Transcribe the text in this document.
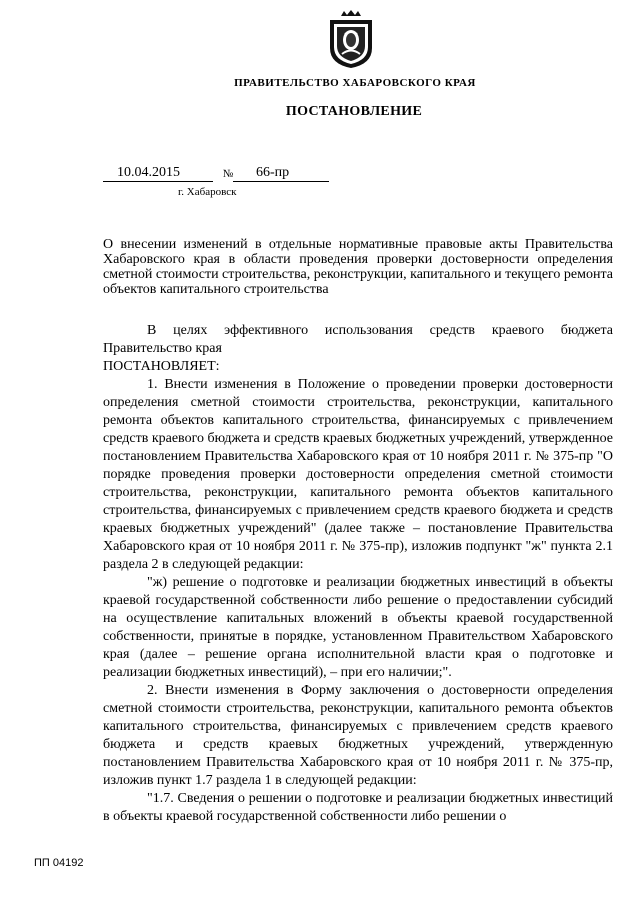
ПРАВИТЕЛЬСТВО ХАБАРОВСКОГО КРАЯ
ПОСТАНОВЛЕНИЕ
10.04.2015	№	66-пр
г. Хабаровск
О внесении изменений в отдельные нормативные правовые акты Правительства Хабаровского края в области проведения проверки достоверности определения сметной стоимости строительства, реконструкции, капитального и текущего ремонта объектов капитального строительства

В целях эффективного использования средств краевого бюджета Правительство края

ПОСТАНОВЛЯЕТ:

1. Внести изменения в Положение о проведении проверки достоверности определения сметной стоимости строительства, реконструкции, капитального ремонта объектов капитального строительства, финансируемых с привлечением средств краевого бюджета и средств краевых бюджетных учреждений, утвержденное постановлением Правительства Хабаровского края от 10 ноября 2011 г. № 375-пр "О порядке проведения проверки достоверности определения сметной стоимости строительства, реконструкции, капитального ремонта объектов капитального строительства, финансируемых с привлечением средств краевого бюджета и средств краевых бюджетных учреждений" (далее также – постановление Правительства Хабаровского края от 10 ноября 2011 г. № 375-пр), изложив подпункт "ж" пункта 2.1 раздела 2 в следующей редакции:

"ж) решение о подготовке и реализации бюджетных инвестиций в объекты краевой государственной собственности либо решение о предоставлении субсидий на осуществление капитальных вложений в объекты краевой государственной собственности, принятые в порядке, установленном Правительством Хабаровского края (далее – решение органа исполнительной власти края о подготовке и реализации бюджетных инвестиций), – при его наличии;".

2. Внести изменения в Форму заключения о достоверности определения сметной стоимости строительства, реконструкции, капитального ремонта объектов капитального строительства, финансируемых с привлечением средств краевого бюджета и средств краевых бюджетных учреждений, утвержденную постановлением Правительства Хабаровского края от 10 ноября 2011 г. № 375-пр, изложив пункт 1.7 раздела 1 в следующей редакции:

"1.7. Сведения о решении о подготовке и реализации бюджетных инвестиций в объекты краевой государственной собственности либо решении о

ПП 04192
